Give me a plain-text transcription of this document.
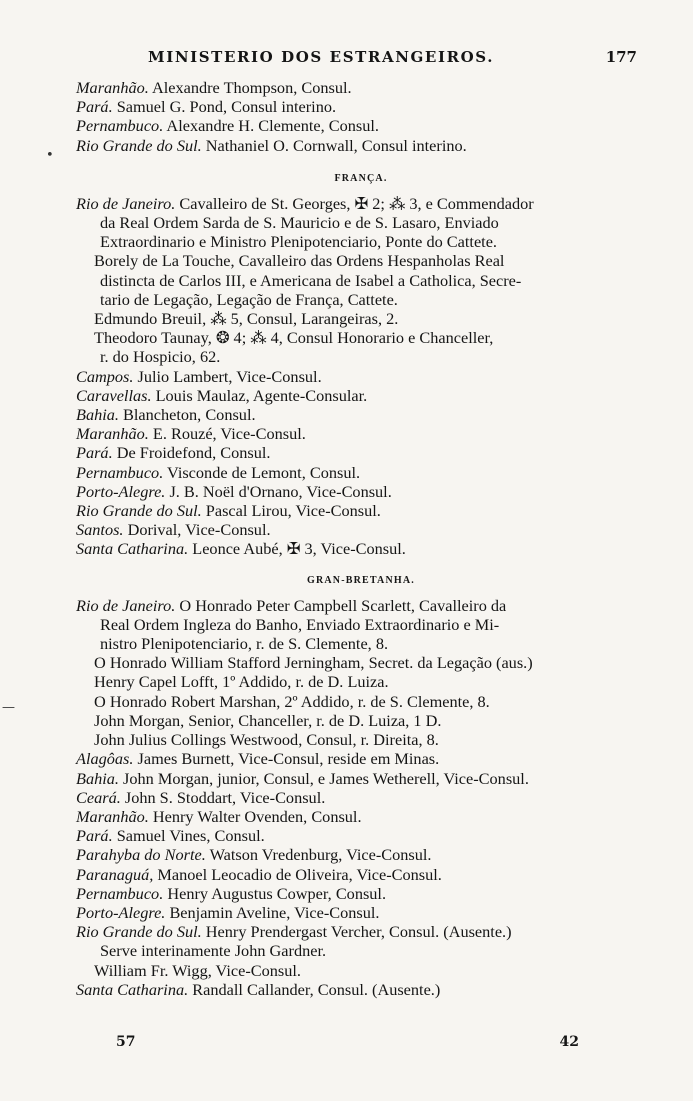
MINISTERIO DOS ESTRANGEIROS.	177
•
—
Maranhão. Alexandre Thompson, Consul.
Pará. Samuel G. Pond, Consul interino.
Pernambuco. Alexandre H. Clemente, Consul.
Rio Grande do Sul. Nathaniel O. Cornwall, Consul interino.
FRANÇA.
Rio de Janeiro. Cavalleiro de St. Georges, ✠ 2; ⁂ 3, e Commendador
da Real Ordem Sarda de S. Mauricio e de S. Lasaro, Enviado
Extraordinario e Ministro Plenipotenciario, Ponte do Cattete.
Borely de La Touche, Cavalleiro das Ordens Hespanholas Real
distincta de Carlos III, e Americana de Isabel a Catholica, Secre-
tario de Legação, Legação de França, Cattete.
Edmundo Breuil, ⁂ 5, Consul, Larangeiras, 2.
Theodoro Taunay, ❂ 4; ⁂ 4, Consul Honorario e Chanceller,
r. do Hospicio, 62.
Campos. Julio Lambert, Vice-Consul.
Caravellas. Louis Maulaz, Agente-Consular.
Bahia. Blancheton, Consul.
Maranhão. E. Rouzé, Vice-Consul.
Pará. De Froidefond, Consul.
Pernambuco. Visconde de Lemont, Consul.
Porto-Alegre. J. B. Noël d'Ornano, Vice-Consul.
Rio Grande do Sul. Pascal Lirou, Vice-Consul.
Santos. Dorival, Vice-Consul.
Santa Catharina. Leonce Aubé, ✠ 3, Vice-Consul.
GRAN-BRETANHA.
Rio de Janeiro. O Honrado Peter Campbell Scarlett, Cavalleiro da
Real Ordem Ingleza do Banho, Enviado Extraordinario e Mi-
nistro Plenipotenciario, r. de S. Clemente, 8.
O Honrado William Stafford Jerningham, Secret. da Legação (aus.)
Henry Capel Lofft, 1º Addido, r. de D. Luiza.
O Honrado Robert Marshan, 2º Addido, r. de S. Clemente, 8.
John Morgan, Senior, Chanceller, r. de D. Luiza, 1 D.
John Julius Collings Westwood, Consul, r. Direita, 8.
Alagôas. James Burnett, Vice-Consul, reside em Minas.
Bahia. John Morgan, junior, Consul, e James Wetherell, Vice-Consul.
Ceará. John S. Stoddart, Vice-Consul.
Maranhão. Henry Walter Ovenden, Consul.
Pará. Samuel Vines, Consul.
Parahyba do Norte. Watson Vredenburg, Vice-Consul.
Paranaguá, Manoel Leocadio de Oliveira, Vice-Consul.
Pernambuco. Henry Augustus Cowper, Consul.
Porto-Alegre. Benjamin Aveline, Vice-Consul.
Rio Grande do Sul. Henry Prendergast Vercher, Consul. (Ausente.)
Serve interinamente John Gardner.
William Fr. Wigg, Vice-Consul.
Santa Catharina. Randall Callander, Consul. (Ausente.)
57	42
